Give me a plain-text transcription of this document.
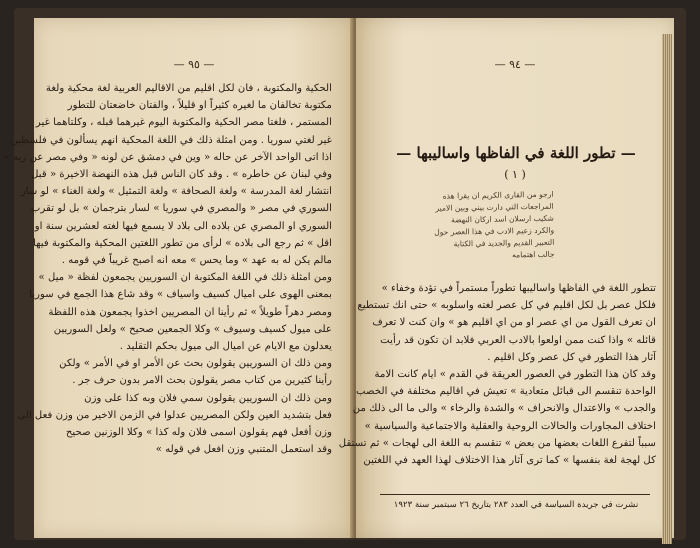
— ٩٥ —

الحكية والمكتوبة ، فان لكل اقليم من الاقاليم العربية لغة محكية ولغة

مكتوبة تخالفان ما لغيره كثيراً او قليلاً ، والفتان خاضعتان للتطور

المستمر ، فلغتا مصر الحكية والمكتوبة اليوم غيرهما قبله ، وكلتاهما غير

غير لغتي سوريا . ومن امثلة ذلك في اللغة المحكية انهم يسألون في فلسطين

اذا اتى الواحد الآخر عن حاله « وين في دمشق عن لونه « وفي مصر عن زيه »

وفي لبنان عن خاطره » . وقد كان الناس قبل هذه النهضة الاخيرة « قبل

انتشار لغة المدرسة » ولغة الصحافة » ولغة التمثيل » ولغة الغناء » لو سار

السوري في مصر « والمصري في سوريا » لسار بترجمان » بل لو تقرب

السوري او المصري عن بلاده الى بلاد لا يسمع فيها لغته لعشرين سنة او

اقل » ثم رجع الى بلاده » لرأى من تطور اللغتين المحكية والمكتوبة فيها

مالم يكن له به عهد » وما يحس » معه انه اصبح غريباً في قومه .

ومن امثلة ذلك في اللغة المكتوبة ان السوريين يجمعون لفظة « ميل »

بمعنى الهوى على اميال كسيف واسياف » وقد شاع هذا الجمع في سوريا

ومصر دهراً طويلاً » ثم رأينا ان المصريين اخذوا يجمعون هذه اللفظة

على ميول كسيف وسيوف » وكلا الجمعين صحيح » ولعل السوريين

يعدلون مع الايام عن اميال الى ميول بحكم التقليد .

ومن ذلك ان السوريين يقولون بحث عن الأمر او في الأمر » ولكن

رأينا كثيرين من كتاب مصر يقولون بحث الامر بدون حرف جر .

ومن ذلك ان السوريين يقولون سمي فلان وبه كذا على وزن

فعل بتشديد العين ولكن المصريين عدلوا في الزمن الاخير من وزن فعل الى

وزن أفعل فهم يقولون اسمى فلان وله كذا » وكلا الوزنين صحيح

وقد استعمل المتنبي وزن افعل في قوله »

— ٩٤ —
— تطور اللغة في الفاظها واساليبها —
( ١ )

ارجو من القارى الكريم ان يقرا هذه

المراجعات التي دارت بيني وبين الامير

شكيب ارسلان اسد اركان النهضة

والكرد زعيم الادب في هذا العصر حول

التعبير القديم والجديد في الكتابة

جالب اهتمامه

تتطور اللغة في الفاظها واساليبها تطوراً مستمراً في تؤدة وخفاء »

فلكل عصر بل لكل اقليم في كل عصر لغته واسلوبه » حتى انك تستطيع

ان تعرف القول من اي عصر او من اي اقليم هو » وان كنت لا تعرف

قائله » واذا كنت ممن اولعوا بالادب العربي فلابد ان تكون قد رأيت

آثار هذا التطور في كل عصر وكل اقليم .

وقد كان هذا التطور في العصور العريقة في القدم » ايام كانت الامة

الواحدة تنقسم الى قبائل متعادية » تعيش في اقاليم مختلفة في الخصب

والجدب » والاعتدال والانحراف » والشدة والرخاء » والى ما الى ذلك من

اختلاف المجاورات والحالات الروحية والعقلية والاجتماعية والسياسية »

سبباً لتفرع اللغات بعضها من بعض » تنقسم به اللغة الى لهجات » ثم تستقل

كل لهجة لغة بنفسها » كما ترى آثار هذا الاختلاف لهذا العهد في اللغتين

نشرت في جريدة السياسة في العدد ٢٨٣ بتاريخ ٢٦ سبتمبر سنة ١٩٢٣
